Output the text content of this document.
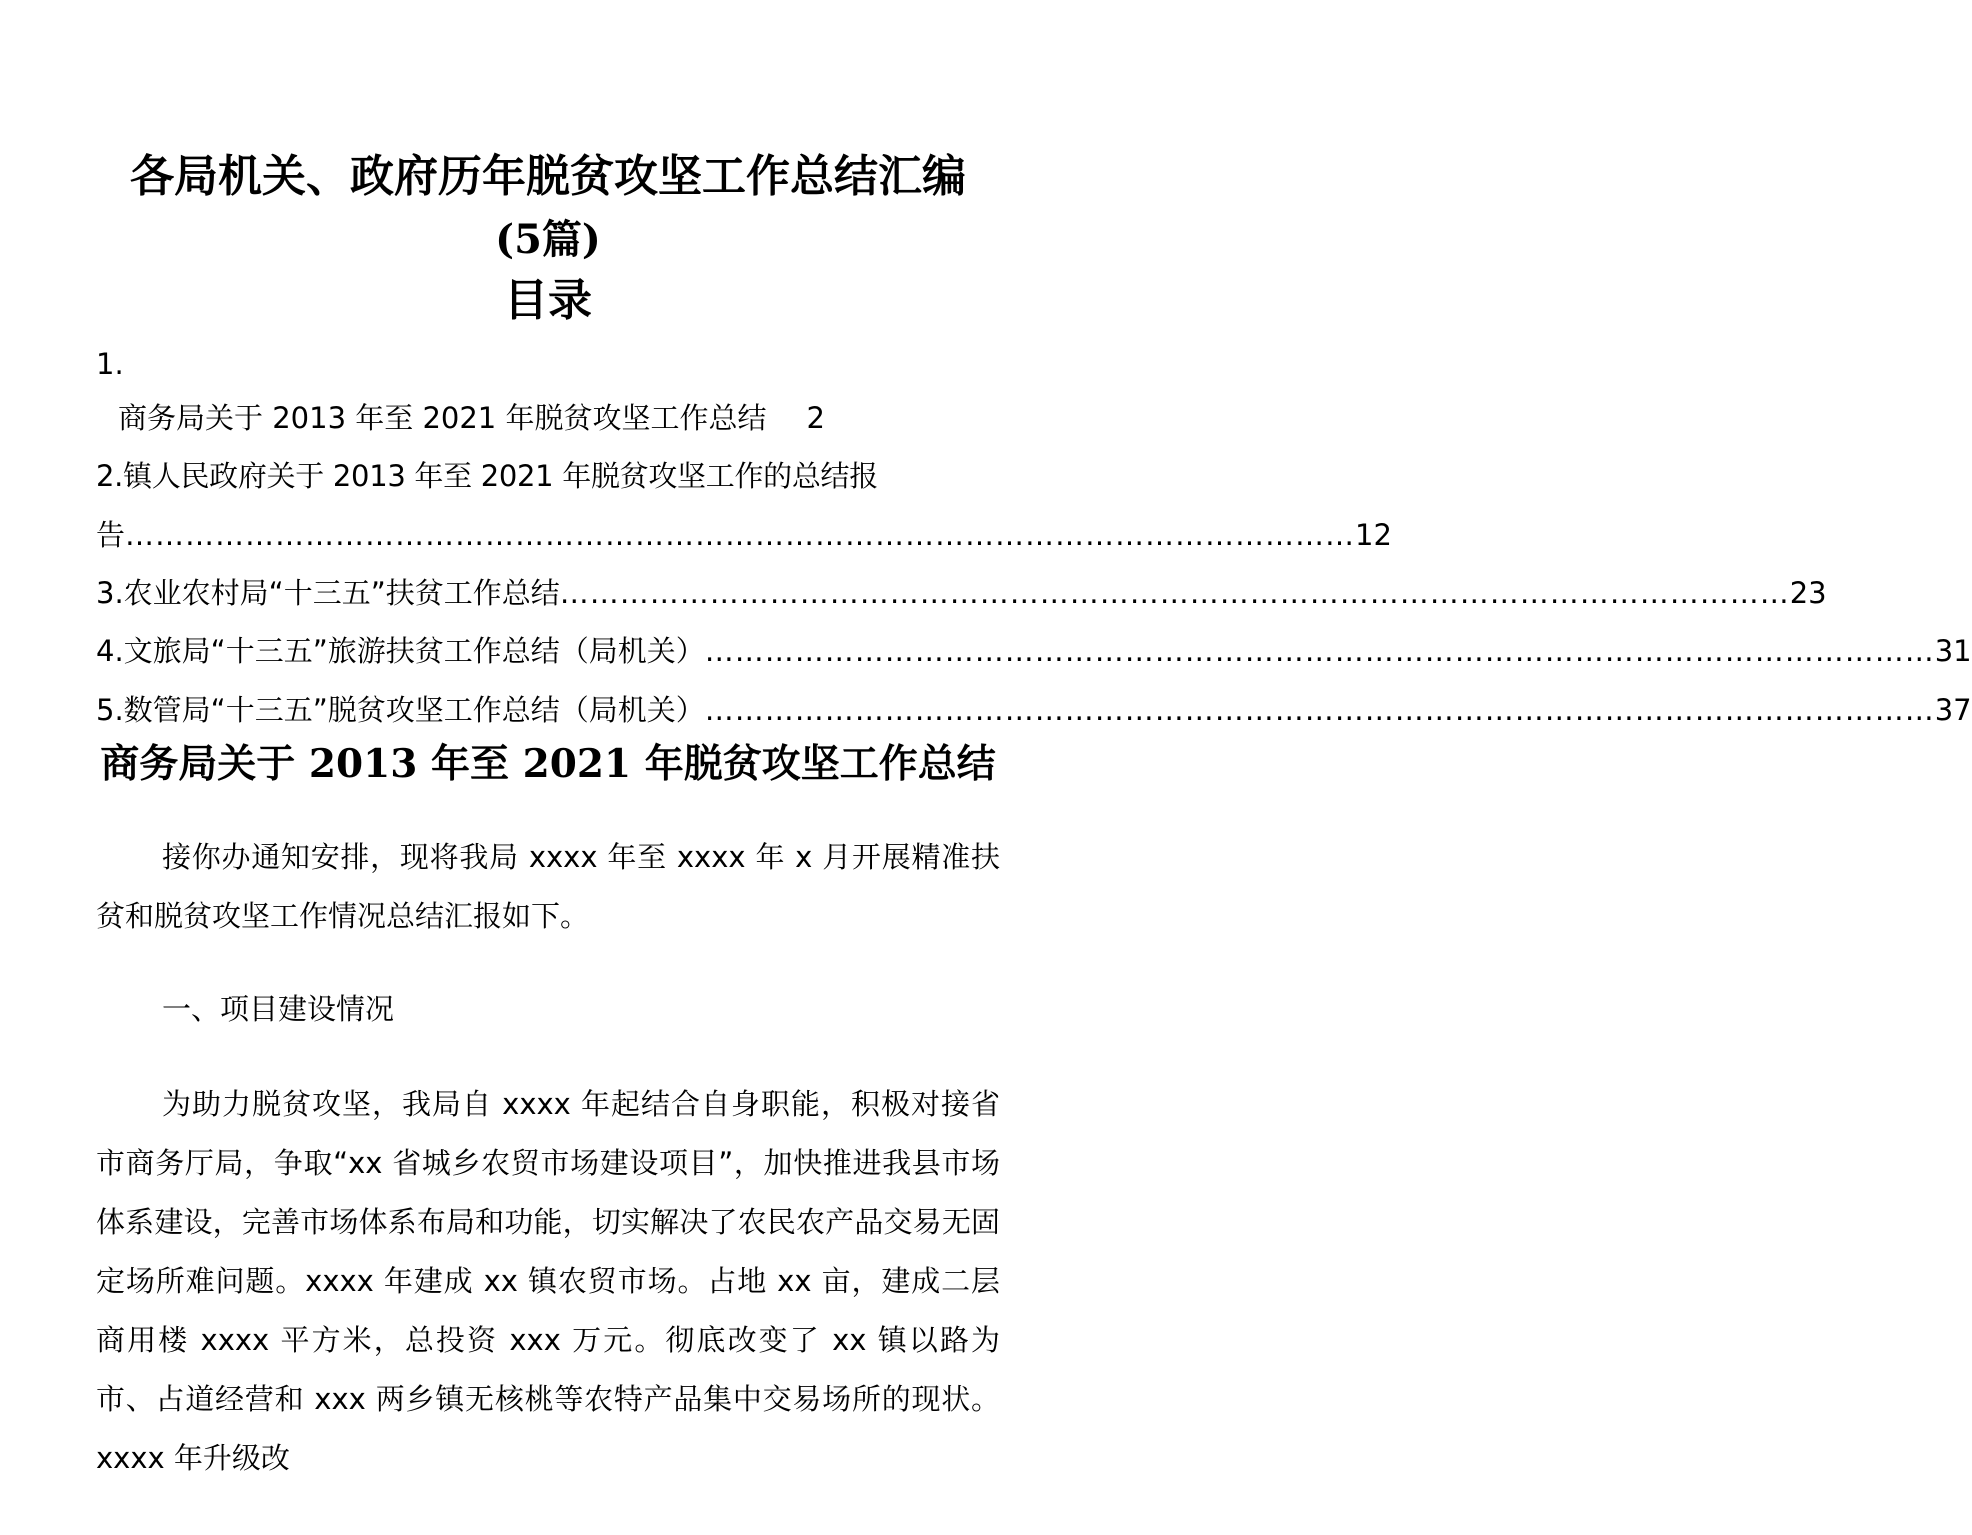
各局机关、政府历年脱贫攻坚工作总结汇编
(5篇)
目录
1.
商务局关于 2013 年至 2021 年脱贫攻坚工作总结 2
2.镇人民政府关于 2013 年至 2021 年脱贫攻坚工作的总结报
告 …………………………………………………………………………………………………………… 12
3.农业农村局“十三五”扶贫工作总结 …………………………………………………………………………………………………………… 23
4.文旅局“十三五”旅游扶贫工作总结（局机关） …………………………………………………………………………………………………………… 31
5.数管局“十三五”脱贫攻坚工作总结（局机关） …………………………………………………………………………………………………………… 37
商务局关于 2013 年至 2021 年脱贫攻坚工作总结
接你办通知安排，现将我局 xxxx 年至 xxxx 年 x 月开展精准扶贫和脱贫攻坚工作情况总结汇报如下。
一、项目建设情况
为助力脱贫攻坚，我局自 xxxx 年起结合自身职能，积极对接省市商务厅局，争取“xx 省城乡农贸市场建设项目”，加快推进我县市场体系建设，完善市场体系布局和功能，切实解决了农民农产品交易无固定场所难问题。xxxx 年建成 xx 镇农贸市场。占地 xx 亩，建成二层商用楼 xxxx 平方米，总投资 xxx 万元。彻底改变了 xx 镇以路为市、占道经营和 xxx 两乡镇无核桃等农特产品集中交易场所的现状。xxxx 年升级改
